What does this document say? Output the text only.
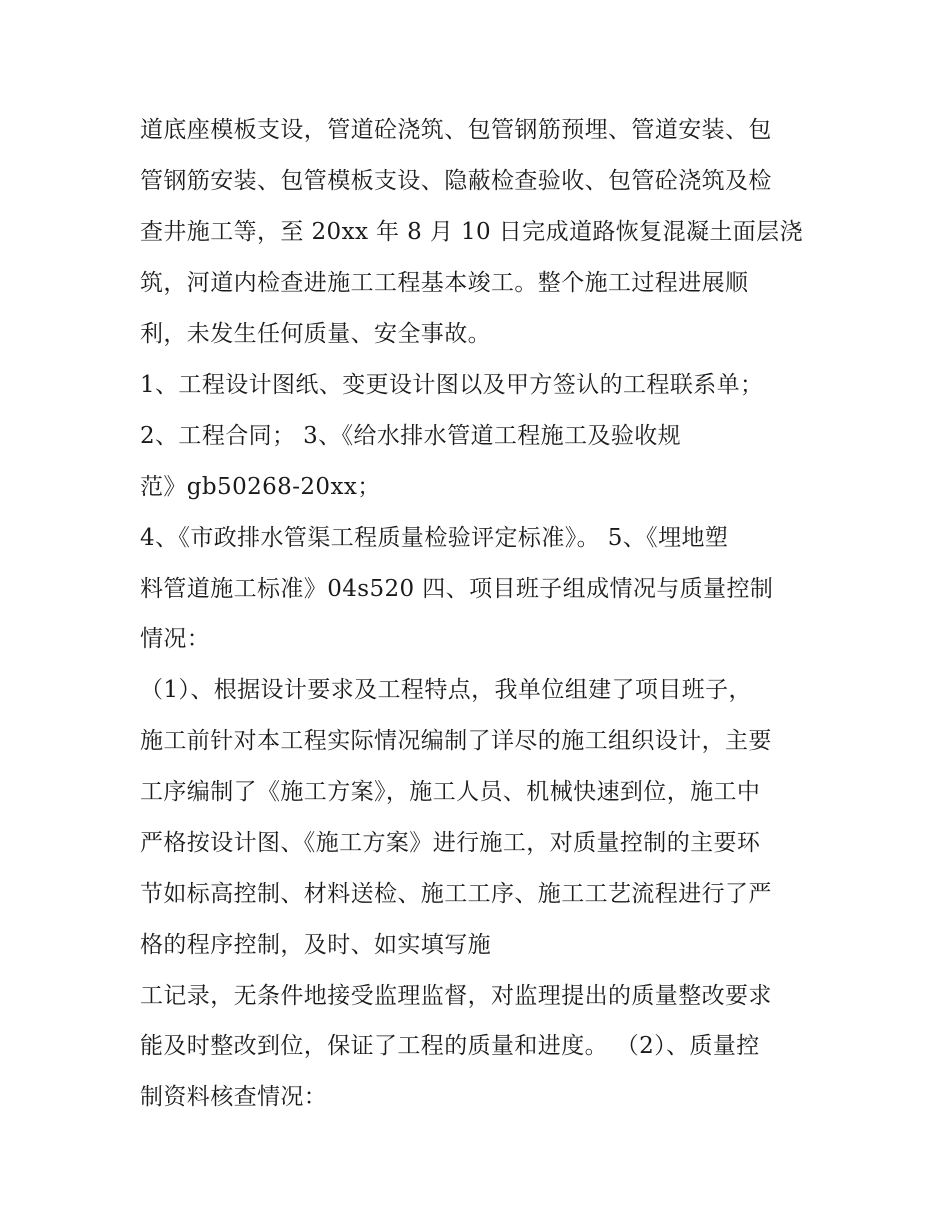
道底座模板支设，管道砼浇筑、包管钢筋预埋、管道安装、包
管钢筋安装、包管模板支设、隐蔽检查验收、包管砼浇筑及检
查井施工等，至 20xx 年 8 月 10 日完成道路恢复混凝土面层浇
筑，河道内检查进施工工程基本竣工。整个施工过程进展顺
利，未发生任何质量、安全事故。
1、工程设计图纸、变更设计图以及甲方签认的工程联系单；
2、工程合同； 3、《给水排水管道工程施工及验收规
范》gb50268-20xx；
4、《市政排水管渠工程质量检验评定标准》。 5、《埋地塑
料管道施工标准》04s520 四、项目班子组成情况与质量控制
情况：
（1）、根据设计要求及工程特点，我单位组建了项目班子，
施工前针对本工程实际情况编制了详尽的施工组织设计，主要
工序编制了《施工方案》，施工人员、机械快速到位，施工中
严格按设计图、《施工方案》进行施工，对质量控制的主要环
节如标高控制、材料送检、施工工序、施工工艺流程进行了严
格的程序控制，及时、如实填写施
工记录，无条件地接受监理监督，对监理提出的质量整改要求
能及时整改到位，保证了工程的质量和进度。 （2）、质量控
制资料核查情况：
